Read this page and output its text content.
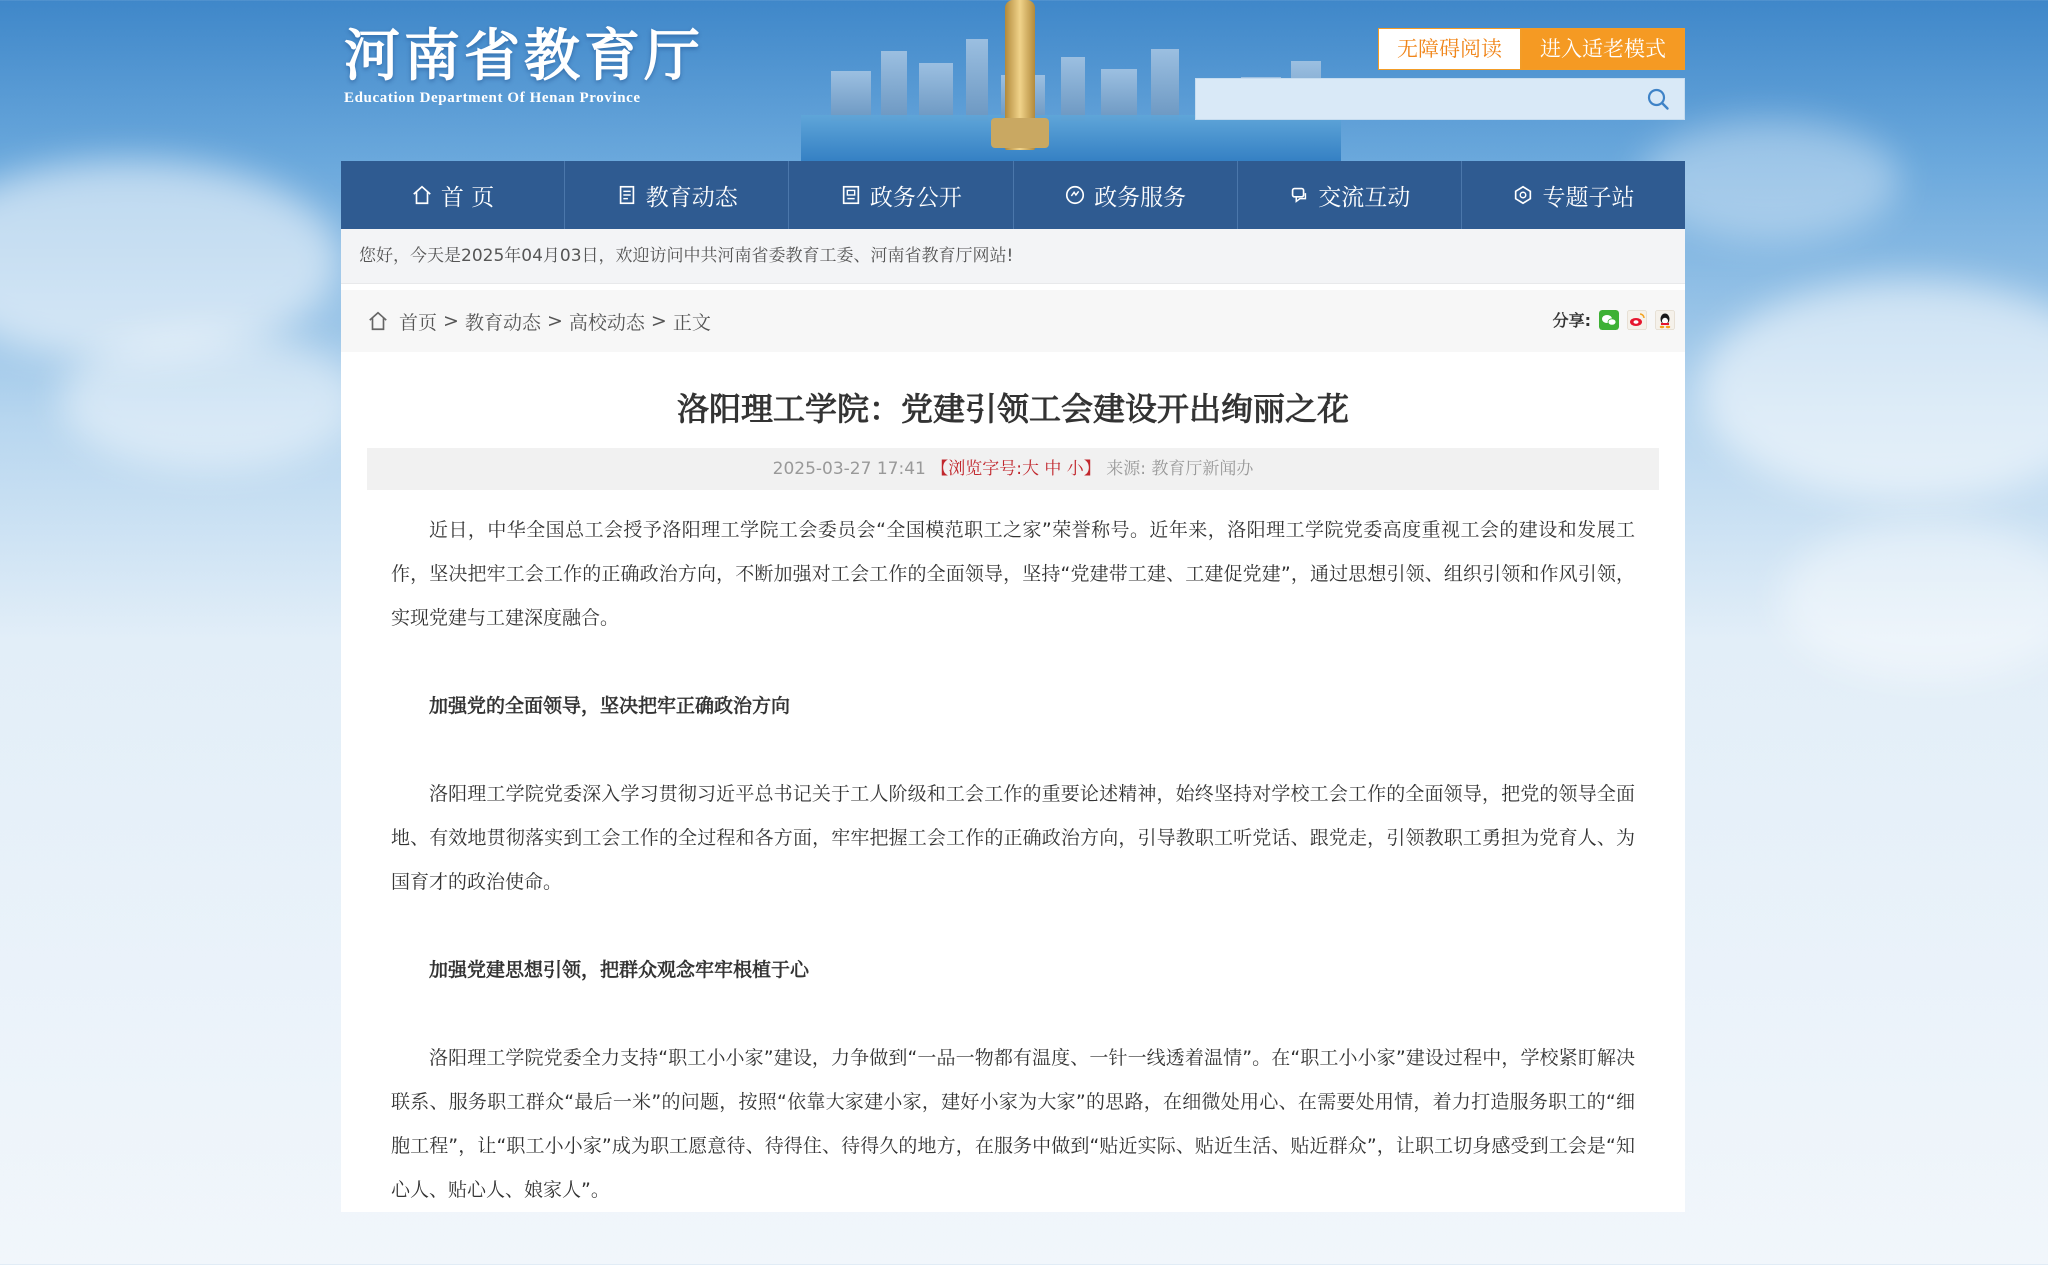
河南省教育厅
Education Department Of Henan Province
无障碍阅读	进入适老模式
首 页	教育动态	政务公开	政务服务	交流互动	专题子站
您好，今天是2025年04月03日，欢迎访问中共河南省委教育工委、河南省教育厅网站!
首页 > 教育动态 > 高校动态 > 正文	分享:
洛阳理工学院：党建引领工会建设开出绚丽之花
2025-03-27 17:41 【浏览字号:大 中 小】 来源: 教育厅新闻办

近日，中华全国总工会授予洛阳理工学院工会委员会“全国模范职工之家”荣誉称号。近年来，洛阳理工学院党委高度重视工会的建设和发展工作，坚决把牢工会工作的正确政治方向，不断加强对工会工作的全面领导，坚持“党建带工建、工建促党建”，通过思想引领、组织引领和作风引领，实现党建与工建深度融合。

加强党的全面领导，坚决把牢正确政治方向

洛阳理工学院党委深入学习贯彻习近平总书记关于工人阶级和工会工作的重要论述精神，始终坚持对学校工会工作的全面领导，把党的领导全面地、有效地贯彻落实到工会工作的全过程和各方面，牢牢把握工会工作的正确政治方向，引导教职工听党话、跟党走，引领教职工勇担为党育人、为国育才的政治使命。

加强党建思想引领，把群众观念牢牢根植于心

洛阳理工学院党委全力支持“职工小小家”建设，力争做到“一品一物都有温度、一针一线透着温情”。在“职工小小家”建设过程中，学校紧盯解决联系、服务职工群众“最后一米”的问题，按照“依靠大家建小家，建好小家为大家”的思路，在细微处用心、在需要处用情，着力打造服务职工的“细胞工程”，让“职工小小家”成为职工愿意待、待得住、待得久的地方，在服务中做到“贴近实际、贴近生活、贴近群众”，让职工切身感受到工会是“知心人、贴心人、娘家人”。
